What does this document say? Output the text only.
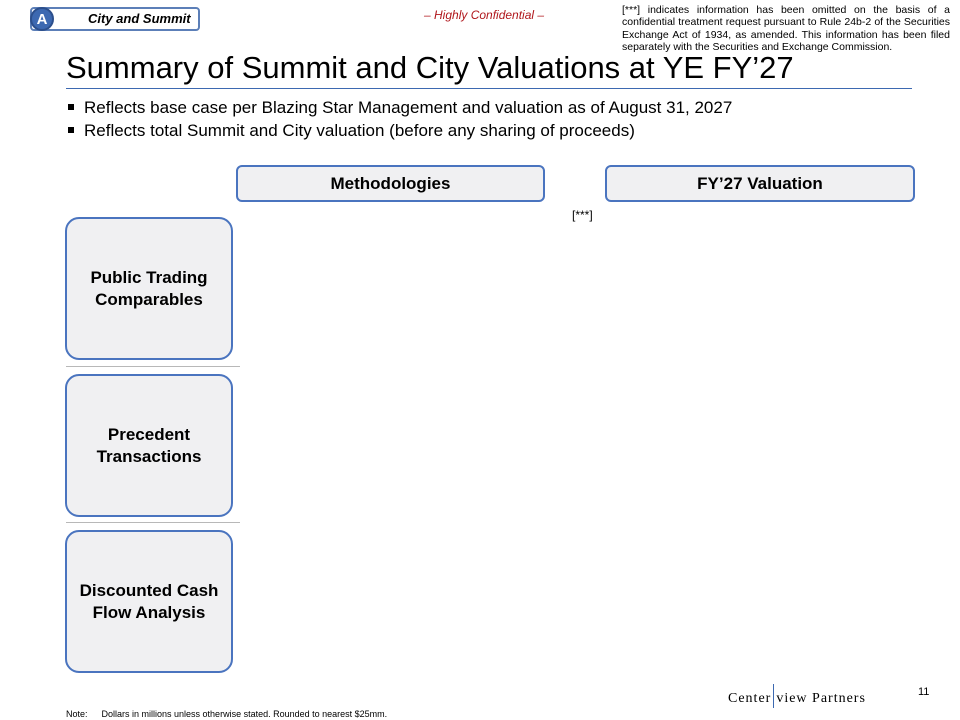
A	City and Summit	– Highly Confidential –	[***] indicates information has been omitted on the basis of a confidential treatment request pursuant to Rule 24b-2 of the Securities Exchange Act of 1934, as amended. This information has been filed separately with the Securities and Exchange Commission.
Summary of Summit and City Valuations at YE FY’27
Reflects base case per Blazing Star Management and valuation as of August 31, 2027
Reflects total Summit and City valuation (before any sharing of proceeds)
Methodologies	FY’27 Valuation
[***]
Public Trading Comparables
Precedent Transactions
Discounted Cash Flow Analysis
Center view Partners	11
Note: Dollars in millions unless otherwise stated. Rounded to nearest $25mm.
